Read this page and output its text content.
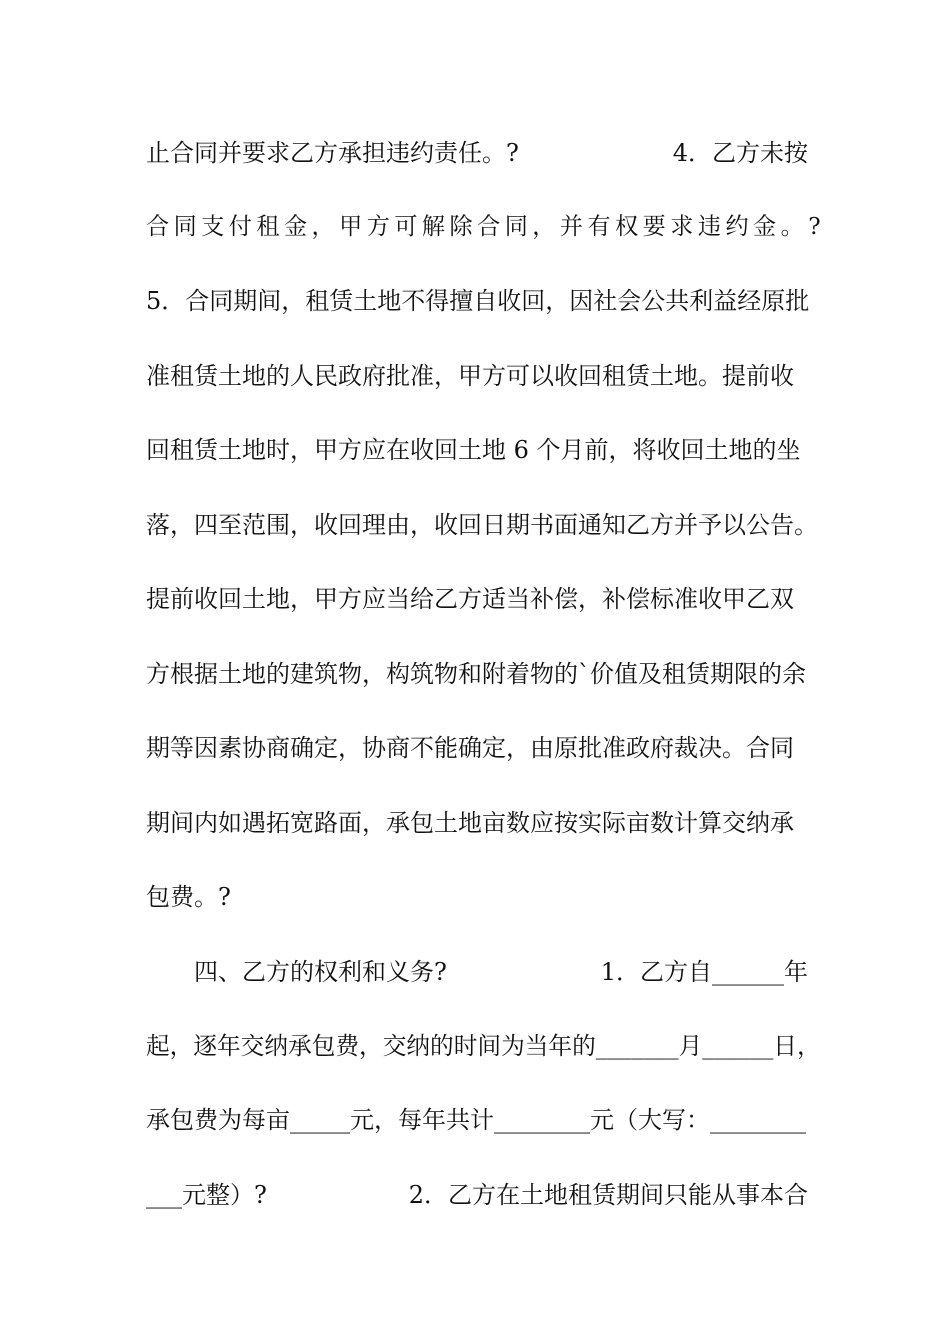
止合同并要求乙方承担违约责任。?	4．乙方未按
合同支付租金，甲方可解除合同，并有权要求违约金。?
5．合同期间，租赁土地不得擅自收回，因社会公共利益经原批
准租赁土地的人民政府批准，甲方可以收回租赁土地。提前收
回租赁土地时，甲方应在收回土地 6 个月前，将收回土地的坐
落，四至范围，收回理由，收回日期书面通知乙方并予以公告。
提前收回土地，甲方应当给乙方适当补偿，补偿标准收甲乙双
方根据土地的建筑物，构筑物和附着物的`价值及租赁期限的余
期等因素协商确定，协商不能确定，由原批准政府裁决。合同
期间内如遇拓宽路面，承包土地亩数应按实际亩数计算交纳承
包费。?
　　四、乙方的权利和义务?	1．乙方自______年
起，逐年交纳承包费，交纳的时间为当年的_______月______日，
承包费为每亩_____元，每年共计________元（大写：________
___元整）?	2．乙方在土地租赁期间只能从事本合
